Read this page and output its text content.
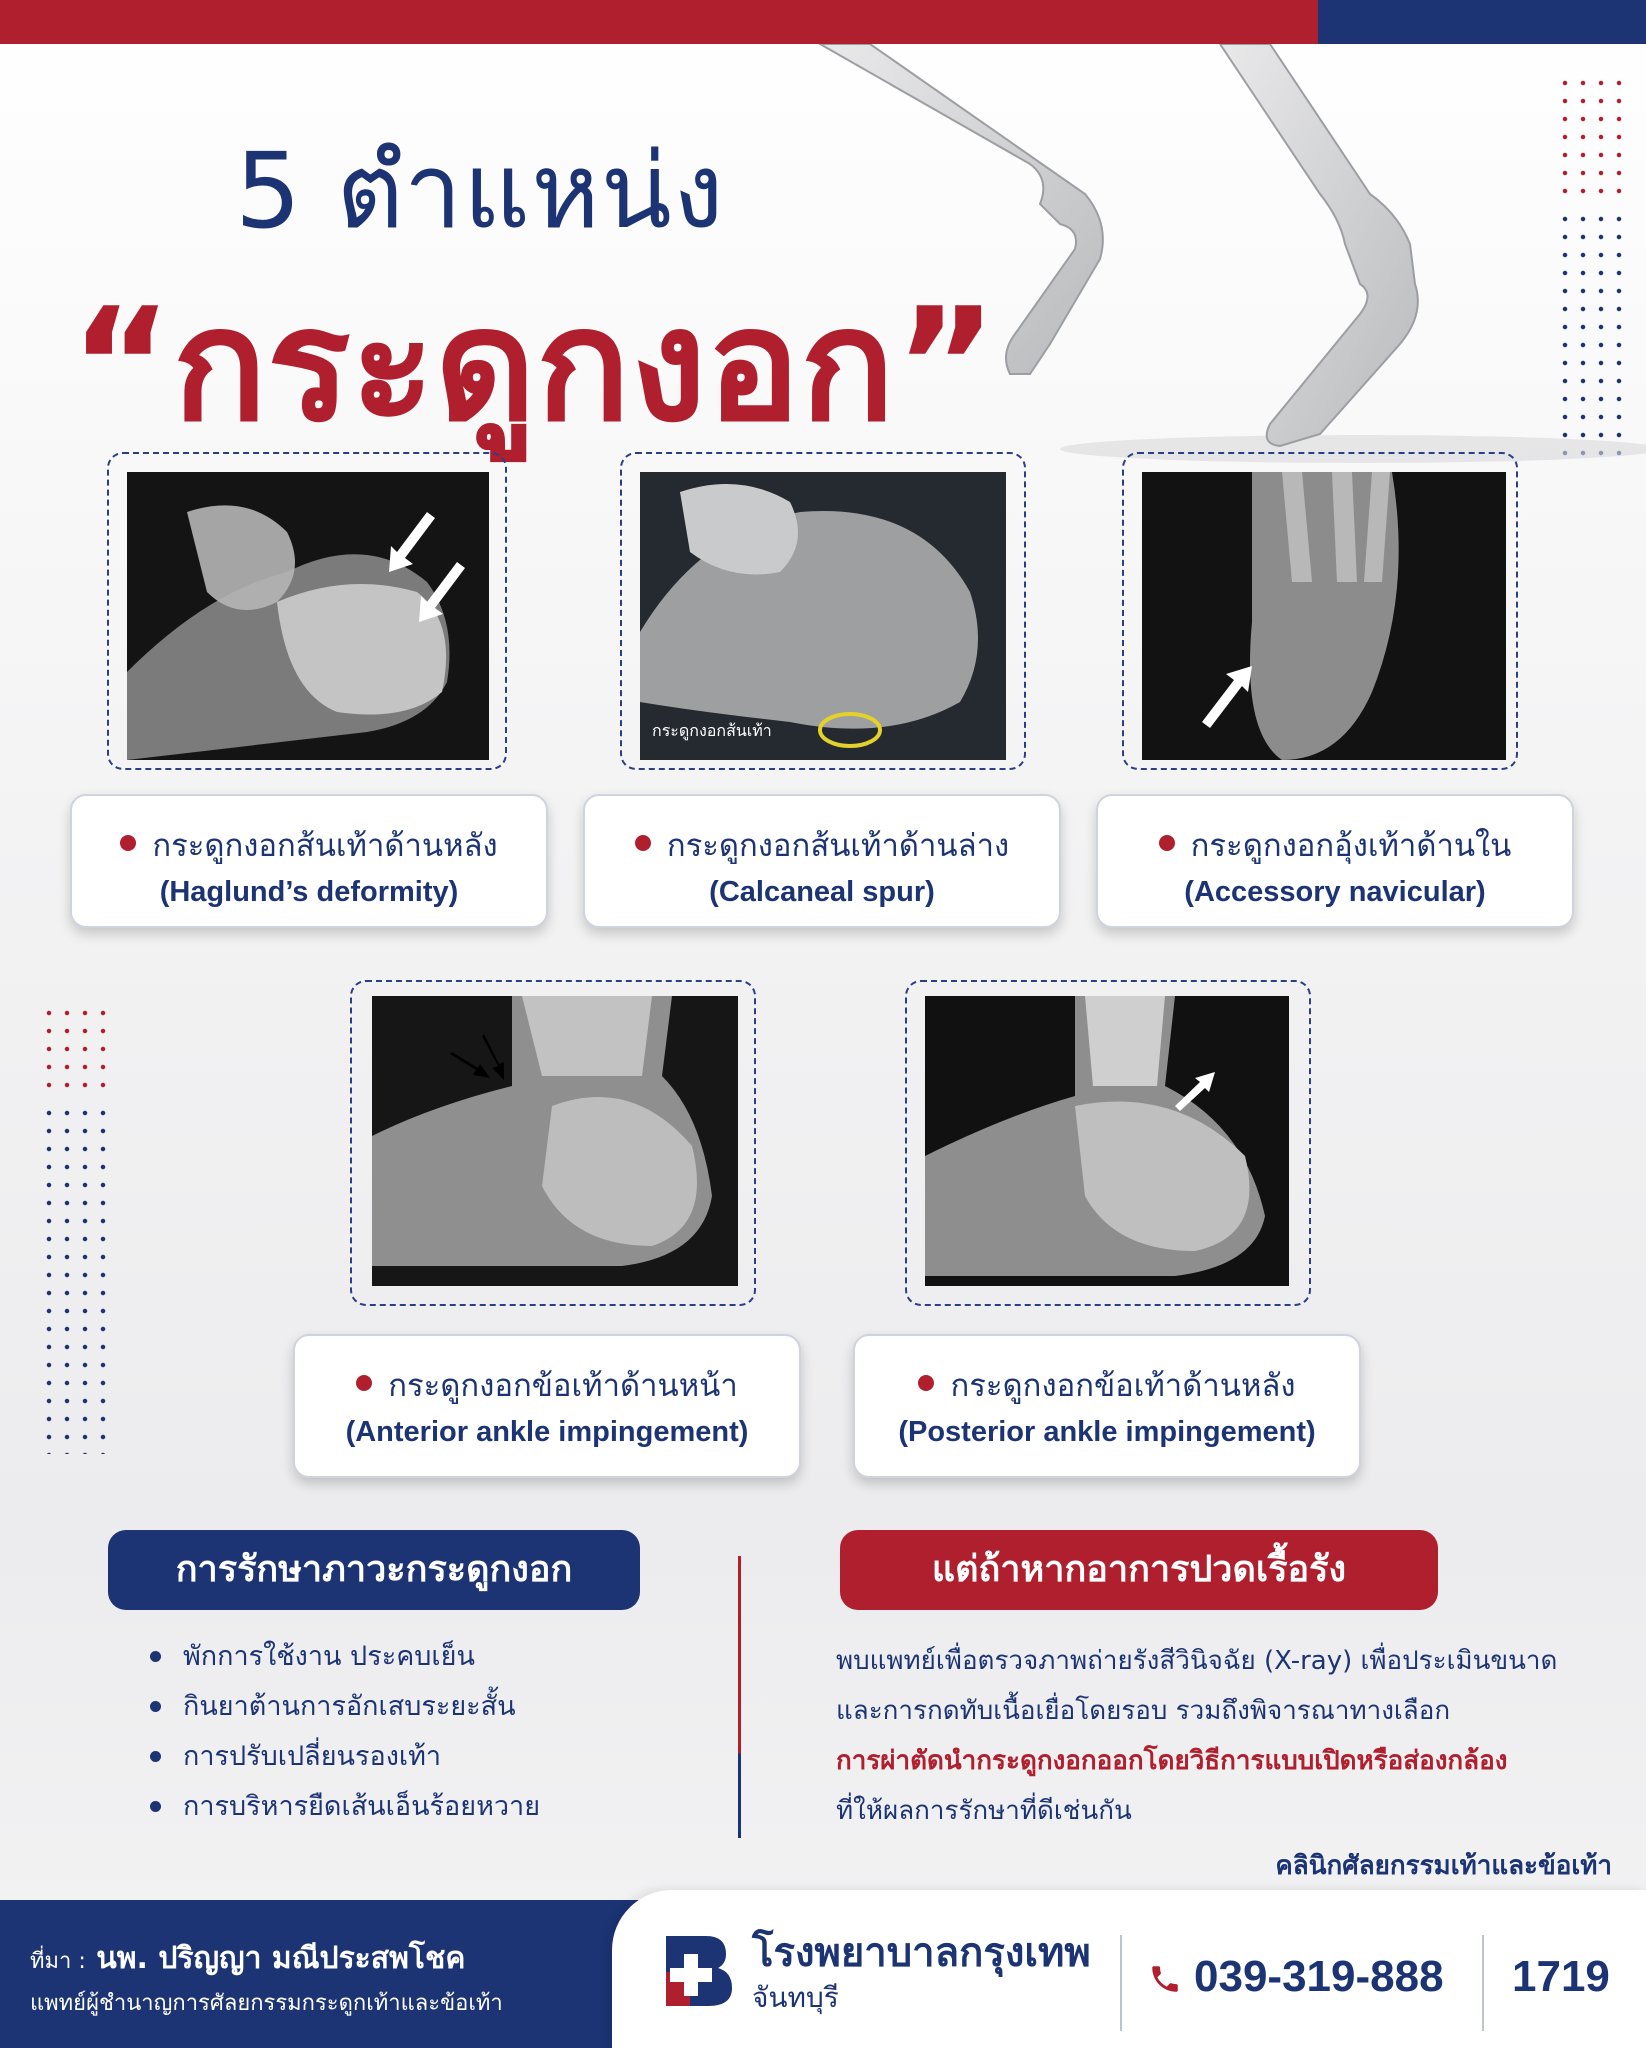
5 ตำแหน่ง
“กระดูกงอก”
กระดูกงอกส้นเท้าด้านหลัง
(Haglund’s deformity)
กระดูกงอกส้นเท้า
กระดูกงอกส้นเท้าด้านล่าง
(Calcaneal spur)
กระดูกงอกอุ้งเท้าด้านใน
(Accessory navicular)
กระดูกงอกข้อเท้าด้านหน้า
(Anterior ankle impingement)
กระดูกงอกข้อเท้าด้านหลัง
(Posterior ankle impingement)
การรักษาภาวะกระดูกงอก
พักการใช้งาน ประคบเย็น
กินยาต้านการอักเสบระยะสั้น
การปรับเปลี่ยนรองเท้า
การบริหารยืดเส้นเอ็นร้อยหวาย
แต่ถ้าหากอาการปวดเรื้อรัง
พบแพทย์เพื่อตรวจภาพถ่ายรังสีวินิจฉัย (X-ray) เพื่อประเมินขนาด
และการกดทับเนื้อเยื่อโดยรอบ รวมถึงพิจารณาทางเลือก
การผ่าตัดนำกระดูกงอกออกโดยวิธีการแบบเปิดหรือส่องกล้อง
ที่ให้ผลการรักษาที่ดีเช่นกัน
คลินิกศัลยกรรมเท้าและข้อเท้า
ที่มา : นพ. ปริญญา มณีประสพโชค
แพทย์ผู้ชำนาญการศัลยกรรมกระดูกเท้าและข้อเท้า
โรงพยาบาลกรุงเทพ
จันทบุรี	039-319-888 1719
